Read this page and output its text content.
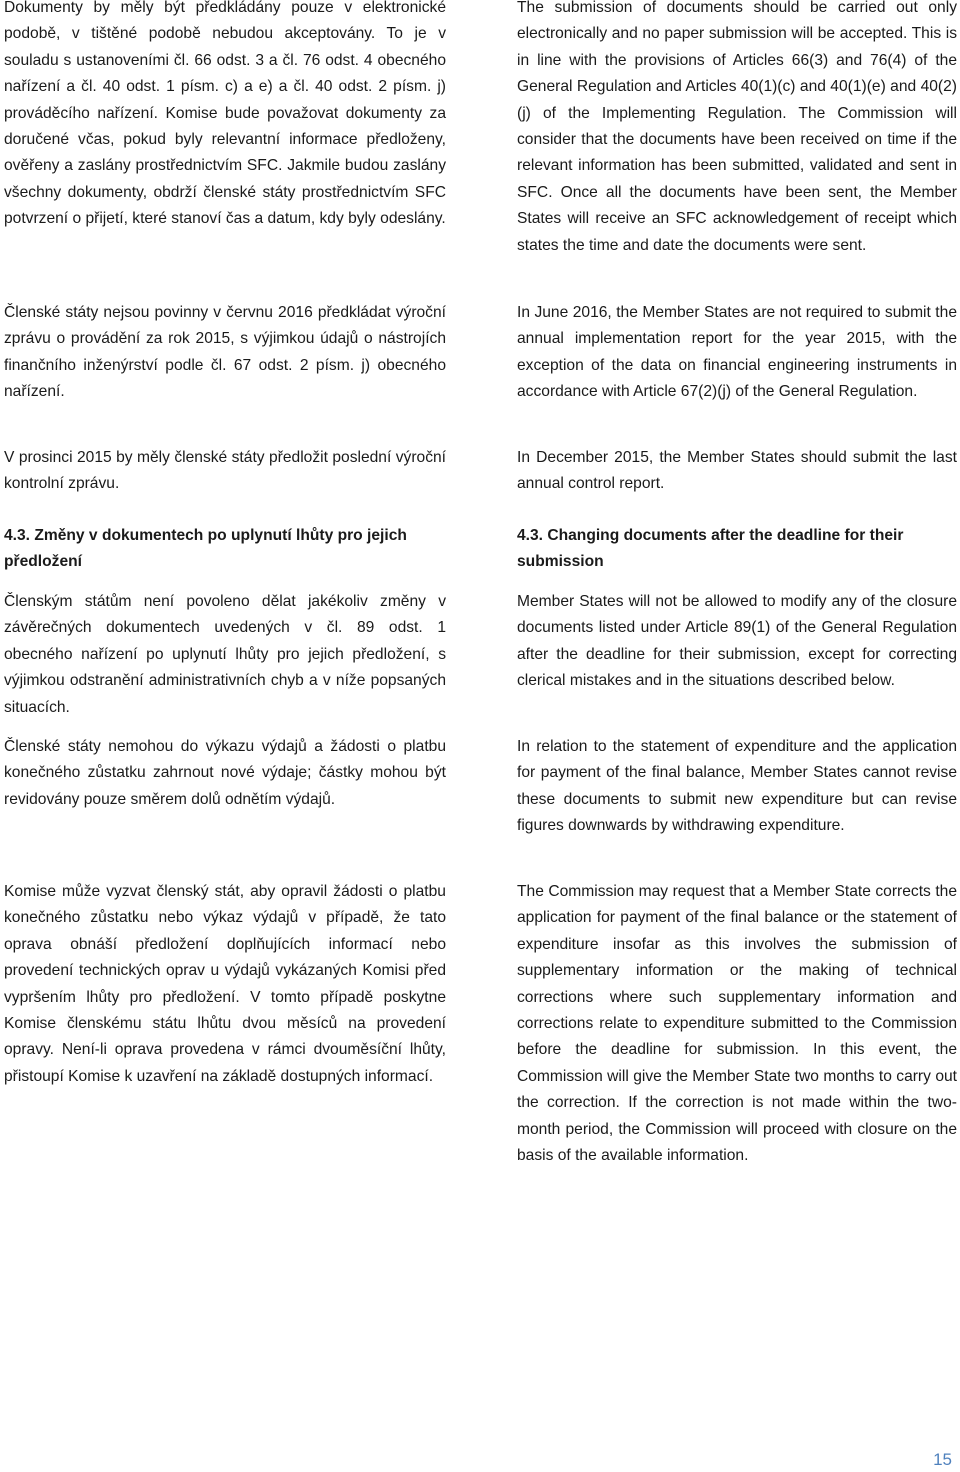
Dokumenty by měly být předkládány pouze v elektronické podobě, v tištěné podobě nebudou akceptovány. To je v souladu s ustanoveními čl. 66 odst. 3 a čl. 76 odst. 4 obecného nařízení a čl. 40 odst. 1 písm. c) a e) a čl. 40 odst. 2 písm. j) prováděcího nařízení. Komise bude považovat dokumenty za doručené včas, pokud byly relevantní informace předloženy, ověřeny a zaslány prostřednictvím SFC. Jakmile budou zaslány všechny dokumenty, obdrží členské státy prostřednictvím SFC potvrzení o přijetí, které stanoví čas a datum, kdy byly odeslány.

Členské státy nejsou povinny v červnu 2016 předkládat výroční zprávu o provádění za rok 2015, s výjimkou údajů o nástrojích finančního inženýrství podle čl. 67 odst. 2 písm. j) obecného nařízení.

V prosinci 2015 by měly členské státy předložit poslední výroční kontrolní zprávu.

4.3. Změny v dokumentech po uplynutí lhůty pro jejich předložení

Členským státům není povoleno dělat jakékoliv změny v závěrečných dokumentech uvedených v čl. 89 odst. 1 obecného nařízení po uplynutí lhůty pro jejich předložení, s výjimkou odstranění administrativních chyb a v níže popsaných situacích.

Členské státy nemohou do výkazu výdajů a žádosti o platbu konečného zůstatku zahrnout nové výdaje; částky mohou být revidovány pouze směrem dolů odnětím výdajů.

Komise může vyzvat členský stát, aby opravil žádosti o platbu konečného zůstatku nebo výkaz výdajů v případě, že tato oprava obnáší předložení doplňujících informací nebo provedení technických oprav u výdajů vykázaných Komisi před vypršením lhůty pro předložení. V tomto případě poskytne Komise členskému státu lhůtu dvou měsíců na provedení opravy. Není-li oprava provedena v rámci dvouměsíční lhůty, přistoupí Komise k uzavření na základě dostupných informací.

The submission of documents should be carried out only electronically and no paper submission will be accepted. This is in line with the provisions of Articles 66(3) and 76(4) of the General Regulation and Articles 40(1)(c) and 40(1)(e) and 40(2)(j) of the Implementing Regulation. The Commission will consider that the documents have been received on time if the relevant information has been submitted, validated and sent in SFC. Once all the documents have been sent, the Member States will receive an SFC acknowledgement of receipt which states the time and date the documents were sent.

In June 2016, the Member States are not required to submit the annual implementation report for the year 2015, with the exception of the data on financial engineering instruments in accordance with Article 67(2)(j) of the General Regulation.

In December 2015, the Member States should submit the last annual control report.

4.3. Changing documents after the deadline for their submission

Member States will not be allowed to modify any of the closure documents listed under Article 89(1) of the General Regulation after the deadline for their submission, except for correcting clerical mistakes and in the situations described below.

In relation to the statement of expenditure and the application for payment of the final balance, Member States cannot revise these documents to submit new expenditure but can revise figures downwards by withdrawing expenditure.

The Commission may request that a Member State corrects the application for payment of the final balance or the statement of expenditure insofar as this involves the submission of supplementary information or the making of technical corrections where such supplementary information and corrections relate to expenditure submitted to the Commission before the deadline for submission. In this event, the Commission will give the Member State two months to carry out the correction. If the correction is not made within the two-month period, the Commission will proceed with closure on the basis of the available information.

15
